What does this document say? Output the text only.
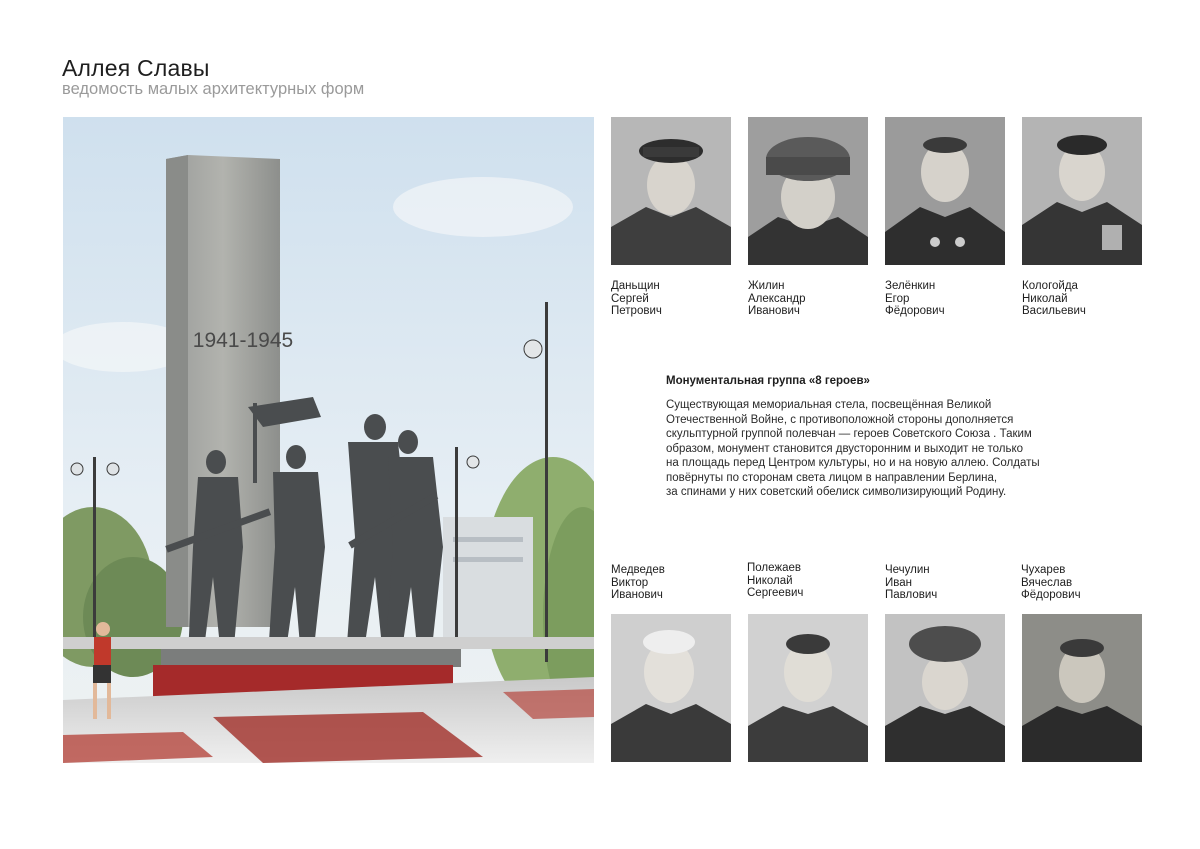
Аллея Славы
ведомость малых архитектурных форм
1941-1945
Даньщин
Сергей
Петрович
Жилин
Александр
Иванович
Зелёнкин
Егор
Фёдорович
Кологойда
Николай
Васильевич
Монументальная группа «8 героев»
Существующая мемориальная стела, посвещённая Великой
Отечественной Войне, с противоположной стороны дополняется
скульптурной группой полевчан — героев Советского Союза . Таким
образом, монумент становится двусторонним и выходит не только
на площадь перед Центром культуры, но и на новую аллею. Солдаты
повёрнуты по сторонам света лицом в направлении Берлина,
за спинами у них советский обелиск символизирующий Родину.
Медведев
Виктор
Иванович
Полежаев
Николай
Сергеевич
Чечулин
Иван
Павлович
Чухарев
Вячеслав
Фёдорович
